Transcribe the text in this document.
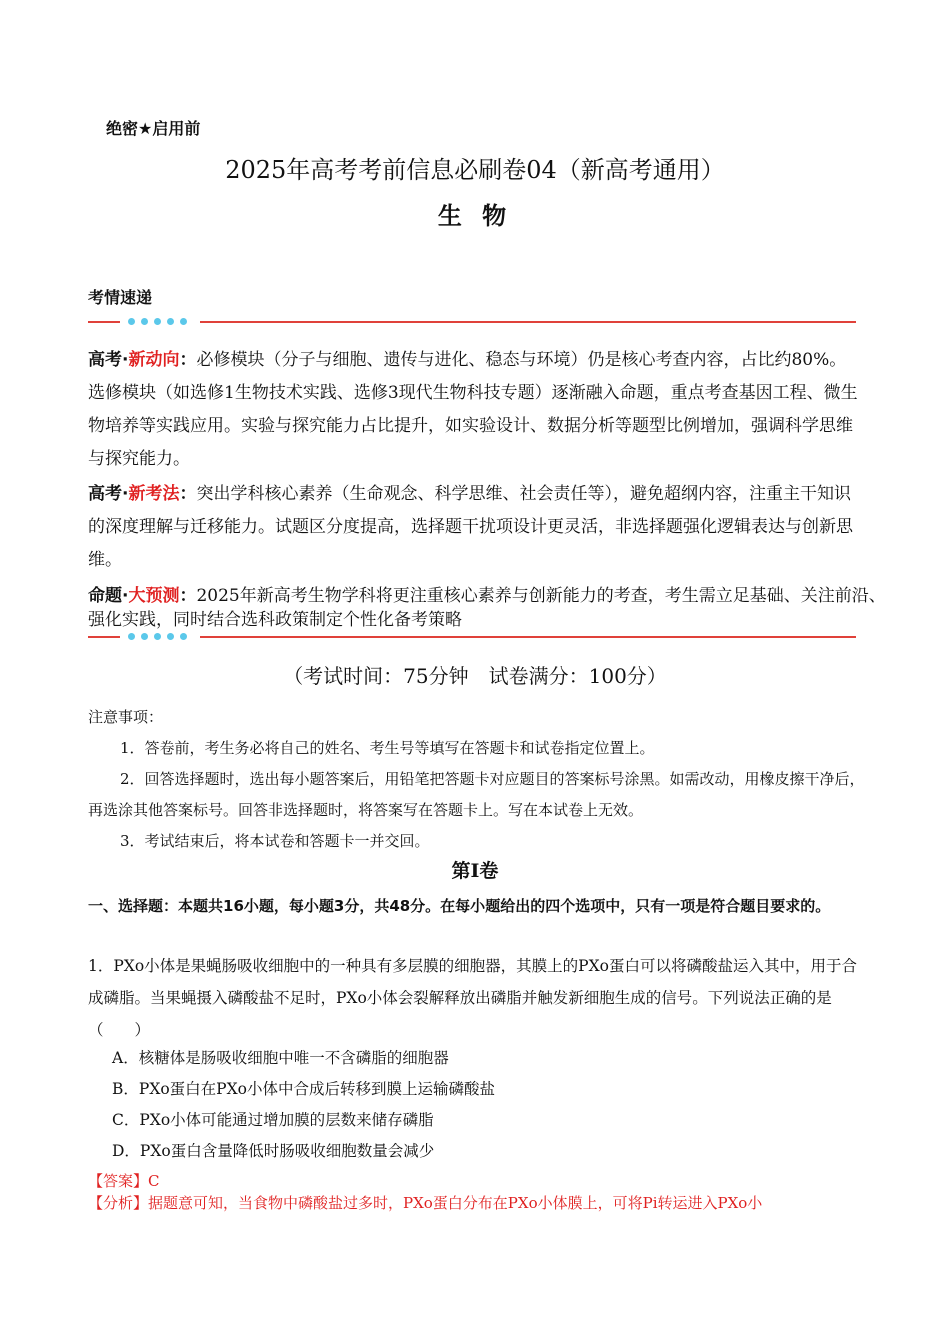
绝密★启用前
2025年高考考前信息必刷卷04（新高考通用）
生 物
考情速递
高考·新动向：必修模块（分子与细胞、遗传与进化、稳态与环境）仍是核心考查内容，占比约80%。选修模块（如选修1生物技术实践、选修3现代生物科技专题）逐渐融入命题，重点考查基因工程、微生物培养等实践应用。实验与探究能力占比提升，如实验设计、数据分析等题型比例增加，强调科学思维与探究能力。
高考·新考法：突出学科核心素养（生命观念、科学思维、社会责任等），避免超纲内容，注重主干知识的深度理解与迁移能力。试题区分度提高，选择题干扰项设计更灵活，非选择题强化逻辑表达与创新思维。
命题·大预测：2025年新高考生物学科将更注重核心素养与创新能力的考查，考生需立足基础、关注前沿、强化实践，同时结合选科政策制定个性化备考策略
（考试时间：75分钟　试卷满分：100分）
注意事项：
1．答卷前，考生务必将自己的姓名、考生号等填写在答题卡和试卷指定位置上。
2．回答选择题时，选出每小题答案后，用铅笔把答题卡对应题目的答案标号涂黑。如需改动，用橡皮擦干净后，再选涂其他答案标号。回答非选择题时，将答案写在答题卡上。写在本试卷上无效。
3．考试结束后，将本试卷和答题卡一并交回。
第Ⅰ卷
一、选择题：本题共16小题，每小题3分，共48分。在每小题给出的四个选项中，只有一项是符合题目要求的。
1．PXo小体是果蝇肠吸收细胞中的一种具有多层膜的细胞器，其膜上的PXo蛋白可以将磷酸盐运入其中，用于合成磷脂。当果蝇摄入磷酸盐不足时，PXo小体会裂解释放出磷脂并触发新细胞生成的信号。下列说法正确的是（　　）
A．核糖体是肠吸收细胞中唯一不含磷脂的细胞器
B．PXo蛋白在PXo小体中合成后转移到膜上运输磷酸盐
C．PXo小体可能通过增加膜的层数来储存磷脂
D．PXo蛋白含量降低时肠吸收细胞数量会减少
【答案】C
【分析】据题意可知，当食物中磷酸盐过多时，PXo蛋白分布在PXo小体膜上，可将Pi转运进入PXo小
